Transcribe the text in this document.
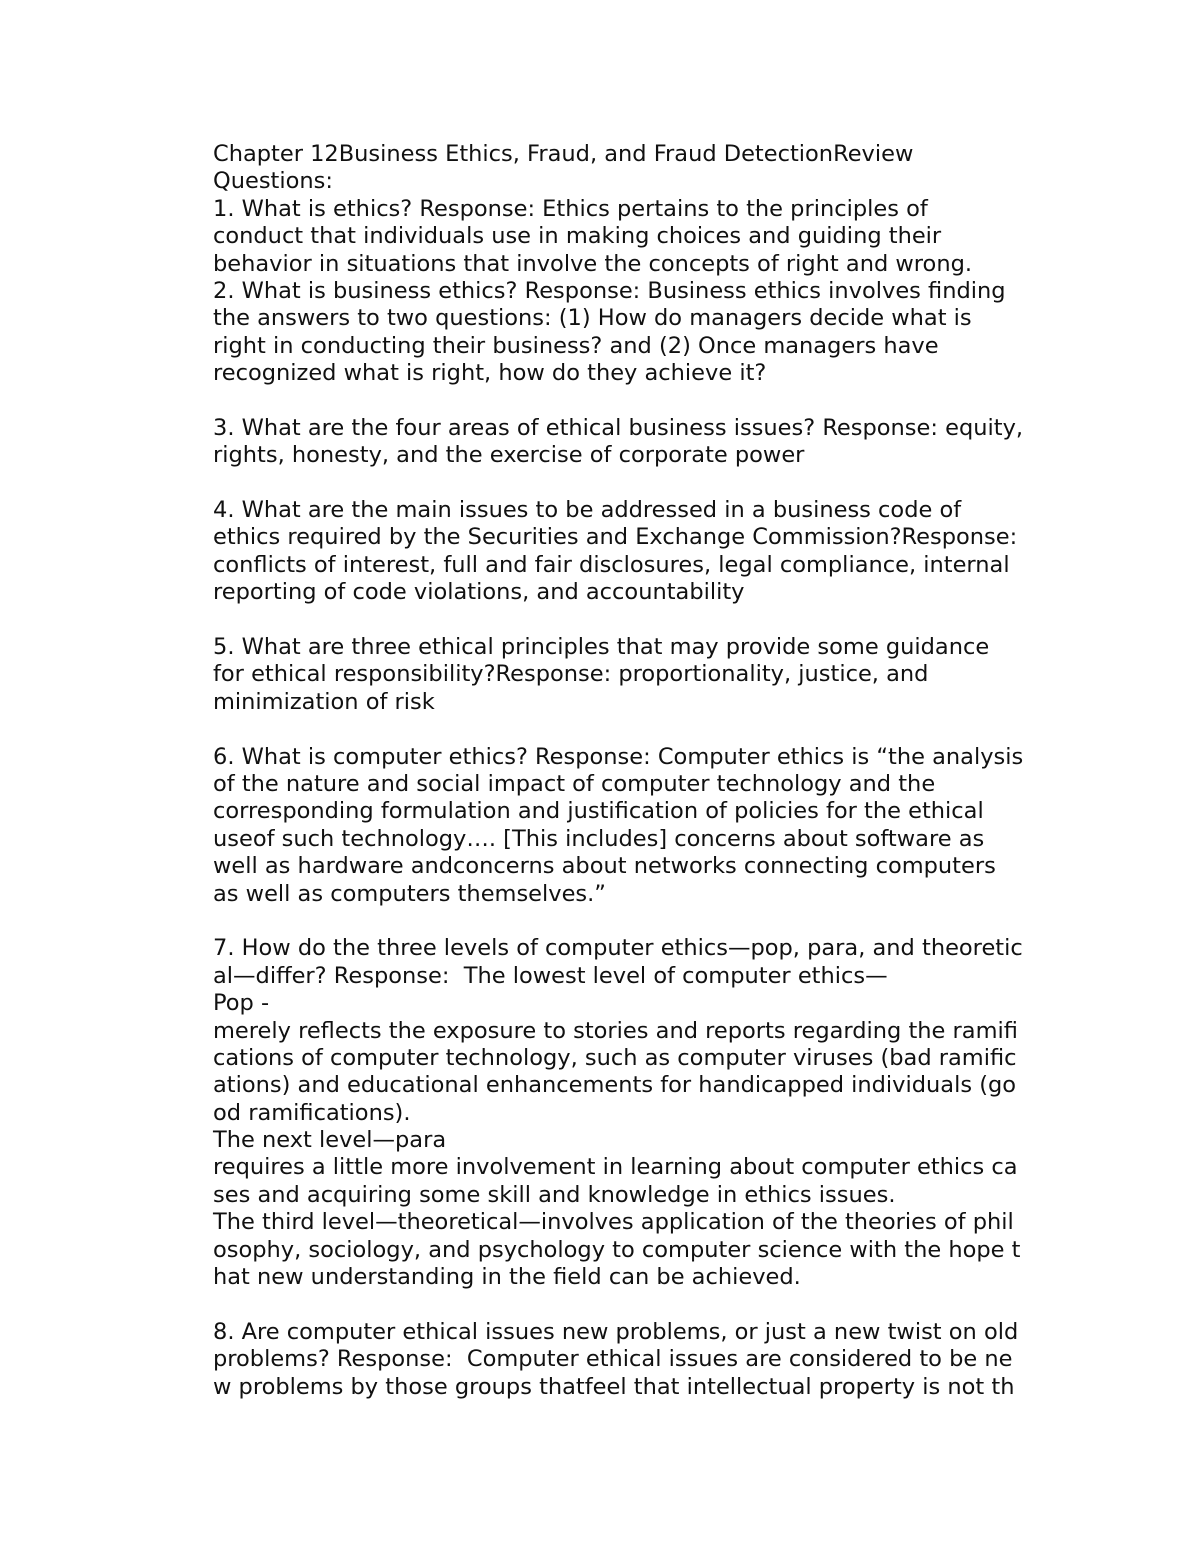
Chapter 12Business Ethics, Fraud, and Fraud DetectionReview
Questions:
1. What is ethics? Response: Ethics pertains to the principles of
conduct that individuals use in making choices and guiding their
behavior in situations that involve the concepts of right and wrong.
2. What is business ethics? Response: Business ethics involves finding
the answers to two questions: (1) How do managers decide what is
right in conducting their business? and (2) Once managers have
recognized what is right, how do they achieve it?
3. What are the four areas of ethical business issues? Response: equity,
rights, honesty, and the exercise of corporate power
4. What are the main issues to be addressed in a business code of
ethics required by the Securities and Exchange Commission?Response:
conflicts of interest, full and fair disclosures, legal compliance, internal
reporting of code violations, and accountability
5. What are three ethical principles that may provide some guidance
for ethical responsibility?Response: proportionality, justice, and
minimization of risk
6. What is computer ethics? Response: Computer ethics is “the analysis
of the nature and social impact of computer technology and the
corresponding formulation and justification of policies for the ethical
useof such technology…. [This includes] concerns about software as
well as hardware andconcerns about networks connecting computers
as well as computers themselves.”
7. How do the three levels of computer ethics—pop, para, and theoretic
al—differ? Response:  The lowest level of computer ethics—
Pop -
merely reflects the exposure to stories and reports regarding the ramifi
cations of computer technology, such as computer viruses (bad ramific
ations) and educational enhancements for handicapped individuals (go
od ramifications).
The next level—para
requires a little more involvement in learning about computer ethics ca
ses and acquiring some skill and knowledge in ethics issues.
The third level—theoretical—involves application of the theories of phil
osophy, sociology, and psychology to computer science with the hope t
hat new understanding in the field can be achieved.
8. Are computer ethical issues new problems, or just a new twist on old
problems? Response:  Computer ethical issues are considered to be ne
w problems by those groups thatfeel that intellectual property is not th
